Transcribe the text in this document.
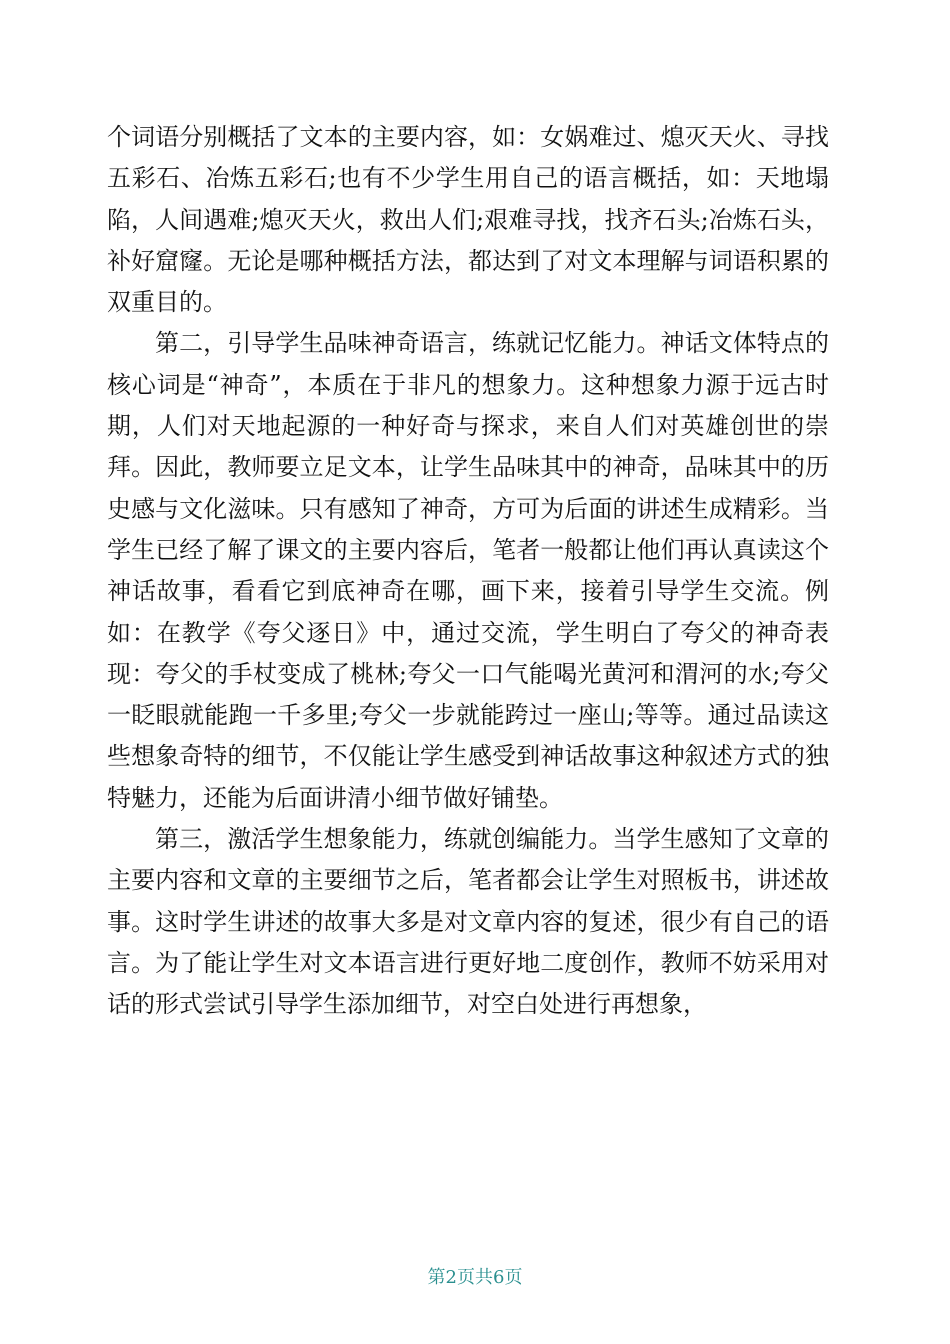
个词语分别概括了文本的主要内容，如：女娲难过、熄灭天火、寻找五彩石、冶炼五彩石;也有不少学生用自己的语言概括，如：天地塌陷，人间遇难;熄灭天火，救出人们;艰难寻找，找齐石头;冶炼石头，补好窟窿。无论是哪种概括方法，都达到了对文本理解与词语积累的双重目的。

第二，引导学生品味神奇语言，练就记忆能力。神话文体特点的核心词是“神奇”，本质在于非凡的想象力。这种想象力源于远古时期，人们对天地起源的一种好奇与探求，来自人们对英雄创世的崇拜。因此，教师要立足文本，让学生品味其中的神奇，品味其中的历史感与文化滋味。只有感知了神奇，方可为后面的讲述生成精彩。当学生已经了解了课文的主要内容后，笔者一般都让他们再认真读这个神话故事，看看它到底神奇在哪，画下来，接着引导学生交流。例如：在教学《夸父逐日》中，通过交流，学生明白了夸父的神奇表现：夸父的手杖变成了桃林;夸父一口气能喝光黄河和渭河的水;夸父一眨眼就能跑一千多里;夸父一步就能跨过一座山;等等。通过品读这些想象奇特的细节，不仅能让学生感受到神话故事这种叙述方式的独特魅力，还能为后面讲清小细节做好铺垫。

第三，激活学生想象能力，练就创编能力。当学生感知了文章的主要内容和文章的主要细节之后，笔者都会让学生对照板书，讲述故事。这时学生讲述的故事大多是对文章内容的复述，很少有自己的语言。为了能让学生对文本语言进行更好地二度创作，教师不妨采用对话的形式尝试引导学生添加细节，对空白处进行再想象，

第2页共6页
